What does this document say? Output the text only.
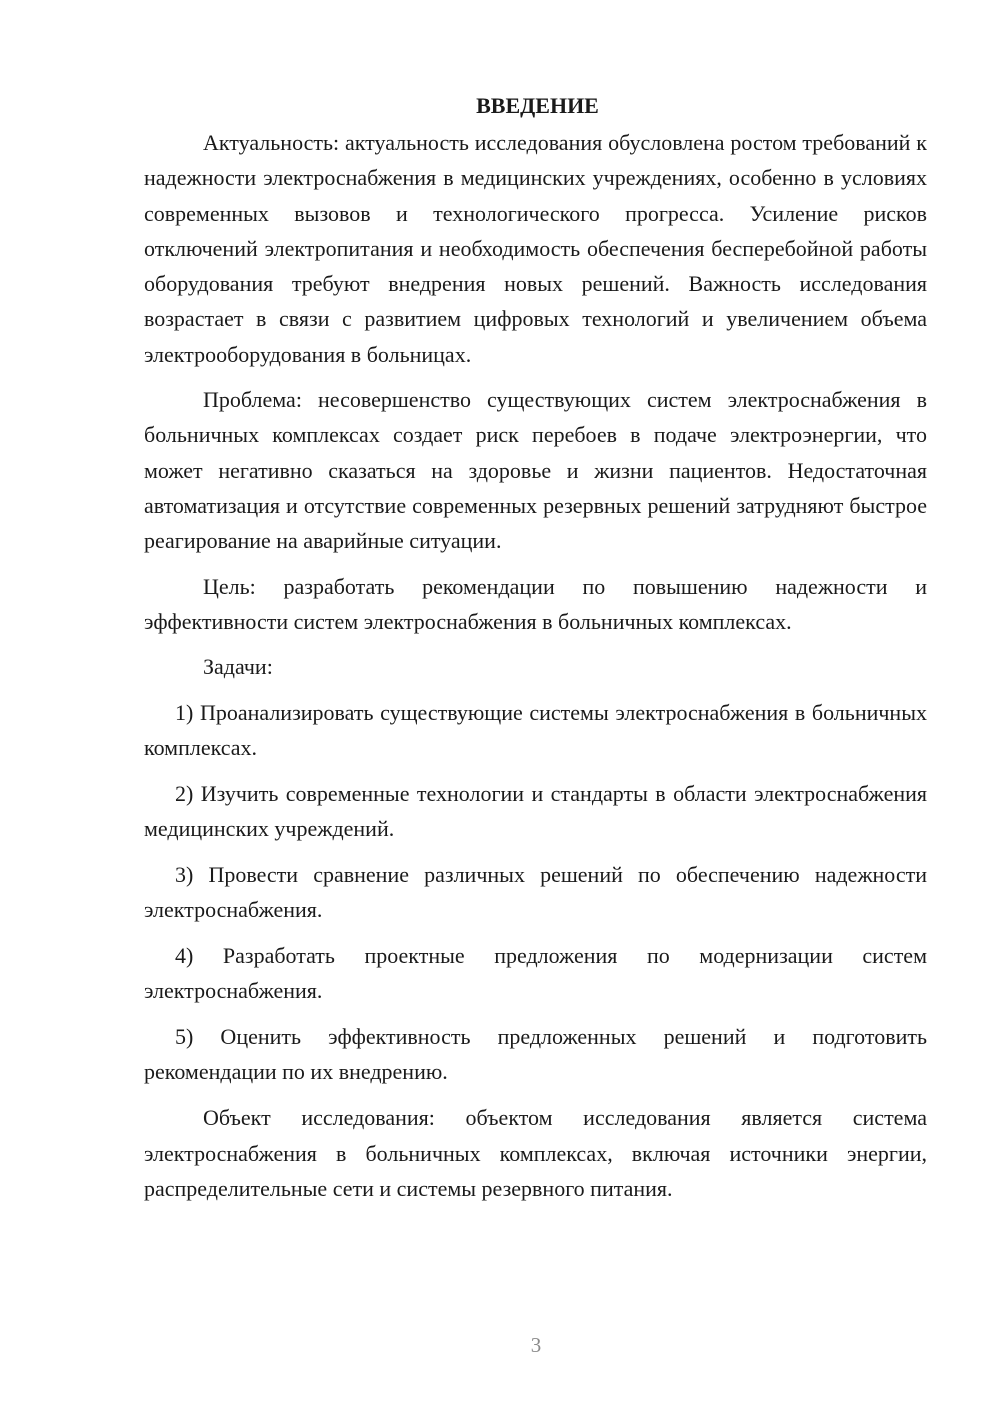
ВВЕДЕНИЕ

Актуальность: актуальность исследования обусловлена ростом требований к надежности электроснабжения в медицинских учреждениях, особенно в условиях современных вызовов и технологического прогресса. Усиление рисков отключений электропитания и необходимость обеспечения бесперебойной работы оборудования требуют внедрения новых решений. Важность исследования возрастает в связи с развитием цифровых технологий и увеличением объема электрооборудования в больницах.

Проблема: несовершенство существующих систем электроснабжения в больничных комплексах создает риск перебоев в подаче электроэнергии, что может негативно сказаться на здоровье и жизни пациентов. Недостаточная автоматизация и отсутствие современных резервных решений затрудняют быстрое реагирование на аварийные ситуации.

Цель: разработать рекомендации по повышению надежности и эффективности систем электроснабжения в больничных комплексах.

Задачи:

1) Проанализировать существующие системы электроснабжения в больничных комплексах.

2) Изучить современные технологии и стандарты в области электроснабжения медицинских учреждений.

3) Провести сравнение различных решений по обеспечению надежности электроснабжения.

4) Разработать проектные предложения по модернизации систем электроснабжения.

5) Оценить эффективность предложенных решений и подготовить рекомендации по их внедрению.

Объект исследования: объектом исследования является система электроснабжения в больничных комплексах, включая источники энергии, распределительные сети и системы резервного питания.

3
